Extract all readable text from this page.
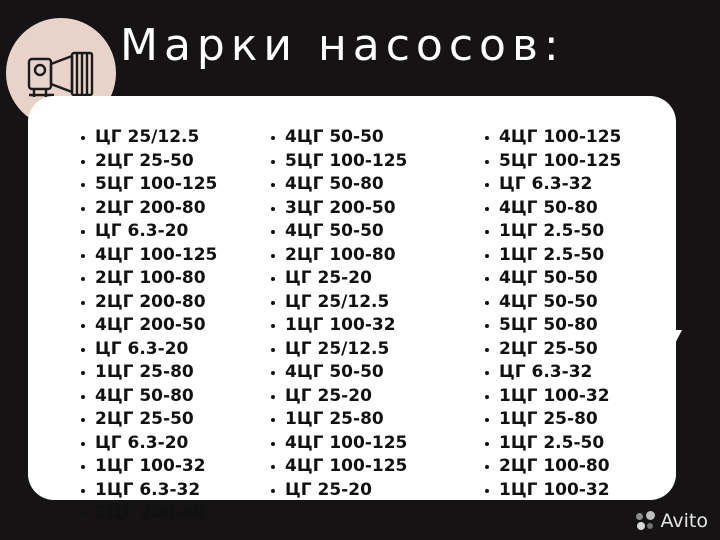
Марки насосов:
ЦГ 25/12.5
2ЦГ 25-50
5ЦГ 100-125
2ЦГ 200-80
ЦГ 6.3-20
4ЦГ 100-125
2ЦГ 100-80
2ЦГ 200-80
4ЦГ 200-50
ЦГ 6.3-20
1ЦГ 25-80
4ЦГ 50-80
2ЦГ 25-50
ЦГ 6.3-20
1ЦГ 100-32
1ЦГ 6.3-32
2ЦГ 200-80
4ЦГ 50-50
5ЦГ 100-125
4ЦГ 50-80
3ЦГ 200-50
4ЦГ 50-50
2ЦГ 100-80
ЦГ 25-20
ЦГ 25/12.5
1ЦГ 100-32
ЦГ 25/12.5
4ЦГ 50-50
ЦГ 25-20
1ЦГ 25-80
4ЦГ 100-125
4ЦГ 100-125
ЦГ 25-20
4ЦГ 100-125
5ЦГ 100-125
ЦГ 6.3-32
4ЦГ 50-80
1ЦГ 2.5-50
1ЦГ 2.5-50
4ЦГ 50-50
4ЦГ 50-50
5ЦГ 50-80
2ЦГ 25-50
ЦГ 6.3-32
1ЦГ 100-32
1ЦГ 25-80
1ЦГ 2.5-50
2ЦГ 100-80
1ЦГ 100-32
Avito
